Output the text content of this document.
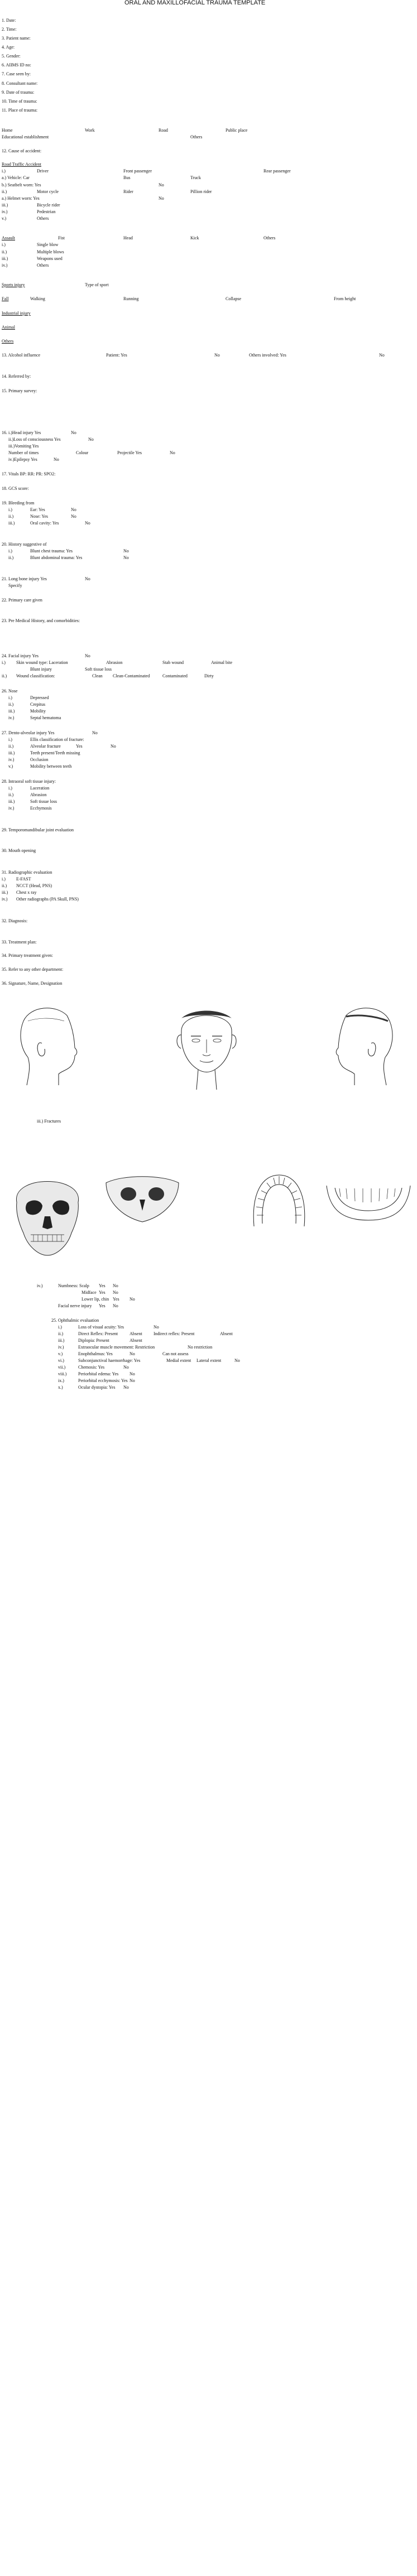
ORAL AND MAXILLOFACIAL TRAUMA TEMPLATE
1. Date:
2. Time:
3. Patient name:
4. Age:
5. Gender:
6. AIIMS ID no:
7. Case seen by:
8. Consultant name:
9. Date of trauma:
10. Time of trauma:
11. Place of trauma:
Home	Work	Road	Public place
Educational establishment	Others
12. Cause of accident:
Road Traffic Accident
i.)	Driver	Front passenger	Rear passenger
a.) Vehicle: Car	Bus	Truck
b.) Seatbelt worn: Yes	No
ii.)	Motor cycle	Rider	Pillion rider
a.) Helmet worn: Yes	No
iii.)	Bicycle rider
iv.)	Pedestrian
v.)	Others
Assault	Fist	Head	Kick	Others
i.)	Single blow
ii.)	Multiple blows
iii.)	Weapons used
iv.)	Others
Sports injury	Type of sport
Fall	Walking	Running	Collapse	From height
Industrial injury
Animal
Others
13. Alcohol influence	Patient: Yes	No	Others involved: Yes	No
14. Referred by:
15. Primary survey:
16. i.)Head injury Yes	No
ii.)Loss of consciousness Yes	No
iii.)Vomiting Yes
Number of times	Colour	Projectile Yes	No
iv.)Epilepsy Yes	No
17. Vitals BP: RR: PR: SPO2:
18. GCS score:
19. Bleeding from
i.)	Ear: Yes	No
ii.)	Nose: Yes	No
iii.)	Oral cavity: Yes	No
20. History suggestive of
i.)	Blunt chest trauma: Yes	No
ii.)	Blunt abdominal trauma: Yes	No
21. Long bone injury Yes	No
Specify
22. Primary care given
23. Pre Medical History, and comorbidities:
24. Facial injury Yes	No
i.) Skin wound type: Laceration	Abrasion	Stab wound	Animal bite
Blunt injury	Soft tissue loss
ii.) Wound classification:	Clean Clean-Contaminated	Contaminated	Dirty
26. Nose
i.)	Depressed
ii.)	Crepitus
iii.)	Mobility
iv.)	Septal hematoma
27. Dento-alveolar injury Yes	No
i.)	Ellis classification of fracture:
ii.)	Alveolar fracture	Yes	No
iii.)	Teeth present/Teeth missing
iv.)	Occlusion
v.)	Mobility between teeth
28. Intraoral soft tissue injury:
i.)	Laceration
ii.)	Abrasion
iii.)	Soft tissue loss
iv.)	Ecchymosis
29. Temporomandibular joint evaluation
30. Mouth opening
31. Radiographic evaluation
i.) E-FAST
ii.) NCCT (Head, PNS)
iii.) Chest x ray
iv.) Other radiographs (PA Skull, PNS)
32. Diagnosis:
33. Treatment plan:
34. Primary treatment given:
35. Refer to any other department:
36. Signature, Name, Designation
iii.) Fractures
iv.)	Numbness: Scalp Yes No
Midface Yes No
Lower lip, chin Yes No
Facial nerve injury Yes No
25. Ophthalmic evaluation
i.)	Loss of visual acuity: Yes	No
ii.)	Direct Reflex: Present	Absent	Indirect reflex: Present	Absent
iii.)	Diplopia: Present	Absent
iv.)	Extraocular muscle movement: Restriction	No restriction
v.)	Enophthalmus: Yes	No	Can not assess
vi.)	Subconjunctival haemorrhage: Yes	Medial extent Lateral extent	No
vii.)	Chemosis: Yes	No
viii.)	Periorbital edema: Yes No
ix.)	Periorbital ecchymosis: Yes No
x.)	Ocular dystopia: Yes No
